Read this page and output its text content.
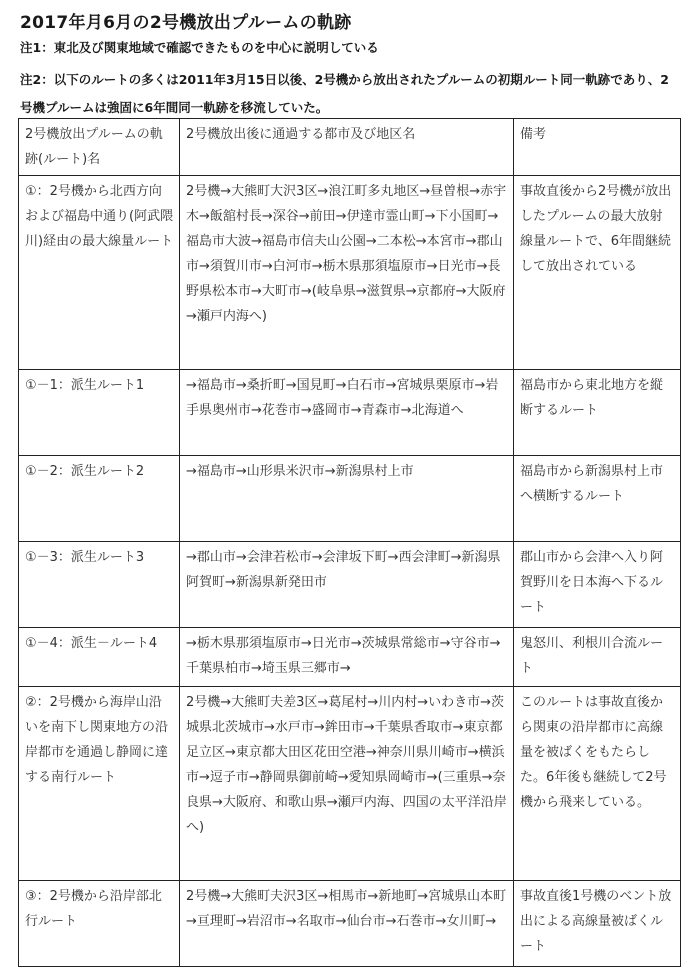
2017年月6月の2号機放出プルームの軌跡
注1：東北及び関東地域で確認できたものを中心に説明している
注2：以下のルートの多くは2011年3月15日以後、2号機から放出されたプルームの初期ルート同一軌跡であり、2号機プルームは強固に6年間同一軌跡を移流していた。
2号機放出プルームの軌跡(ルート)名	2号機放出後に通過する都市及び地区名	備考
①：2号機から北西方向および福島中通り(阿武隈川)経由の最大線量ルート	2号機→大熊町大沢3区→浪江町多丸地区→昼曽根→赤宇木→飯舘村長→深谷→前田→伊達市霊山町→下小国町→福島市大波→福島市信夫山公園→二本松→本宮市→郡山市→須賀川市→白河市→栃木県那須塩原市→日光市→長野県松本市→大町市→(岐阜県→滋賀県→京都府→大阪府→瀬戸内海へ)	事故直後から2号機が放出したプルームの最大放射線量ルートで、6年間継続して放出されている
①－1：派生ルート1	→福島市→桑折町→国見町→白石市→宮城県栗原市→岩手県奥州市→花巻市→盛岡市→青森市→北海道へ	福島市から東北地方を縦断するルート
①－2：派生ルート2	→福島市→山形県米沢市→新潟県村上市	福島市から新潟県村上市へ横断するルート
①－3：派生ルート3	→郡山市→会津若松市→会津坂下町→西会津町→新潟県阿賀町→新潟県新発田市	郡山市から会津へ入り阿賀野川を日本海へ下るルート
①－4：派生－ルート4	→栃木県那須塩原市→日光市→茨城県常総市→守谷市→千葉県柏市→埼玉県三郷市→	鬼怒川、利根川合流ルート
②：2号機から海岸山沿いを南下し関東地方の沿岸都市を通過し静岡に達する南行ルート	2号機→大熊町夫差3区→葛尾村→川内村→いわき市→茨城県北茨城市→水戸市→鉾田市→千葉県香取市→東京都足立区→東京都大田区花田空港→神奈川県川崎市→横浜市→逗子市→静岡県御前崎→愛知県岡崎市→(三重県→奈良県→大阪府、和歌山県→瀬戸内海、四国の太平洋沿岸へ)	このルートは事故直後から関東の沿岸都市に高線量を被ばくをもたらした。6年後も継続して2号機から飛来している。
③：2号機から沿岸部北行ルート	2号機→大熊町夫沢3区→相馬市→新地町→宮城県山本町→亘理町→岩沼市→名取市→仙台市→石巻市→女川町→	事故直後1号機のベント放出による高線量被ばくルート
